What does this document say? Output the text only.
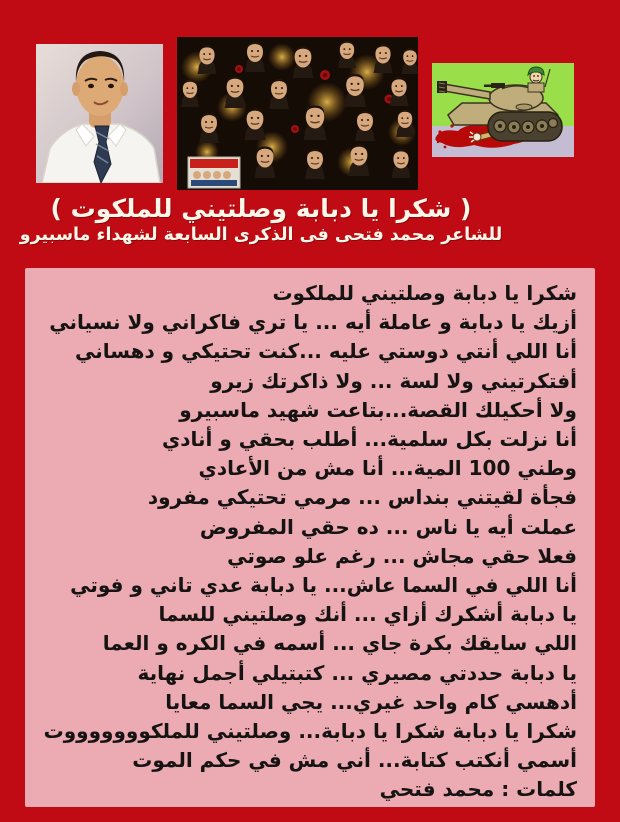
( شكرا يا دبابة وصلتيني للملكوت )
للشاعر محمد فتحى فى الذكرى السابعة لشهداء ماسبيرو
شكرا يا دبابة وصلتيني للملكوت
أزيك يا دبابة و عاملة أيه ... يا تري فاكراني ولا نسياني
أنا اللي أنتي دوستي عليه ...كنت تحتيكي و دهساني
أفتكرتيني ولا لسة ... ولا ذاكرتك زيرو
ولا أحكيلك القصة...بتاعت شهيد ماسبيرو
أنا نزلت بكل سلمية... أطلب بحقي و أنادي
وطني 100 المية... أنا مش من الأعادي
فجأة لقيتني بنداس ... مرمي تحتيكي مفرود
عملت أيه يا ناس ... ده حقي المفروض
فعلا حقي مجاش ... رغم علو صوتي
أنا اللي في السما عاش... يا دبابة عدي تاني و فوتي
يا دبابة أشكرك أزاي ... أنك وصلتيني للسما
اللي سايقك بكرة جاي ... أسمه في الكره و العما
يا دبابة حددتي مصيري ... كتبتيلي أجمل نهاية
أدهسي كام واحد غيري... يجي السما معايا
شكرا يا دبابة شكرا يا دبابة... وصلتيني للملكوووووووت
أسمي أنكتب كتابة... أني مش في حكم الموت
كلمات : محمد فتحي
